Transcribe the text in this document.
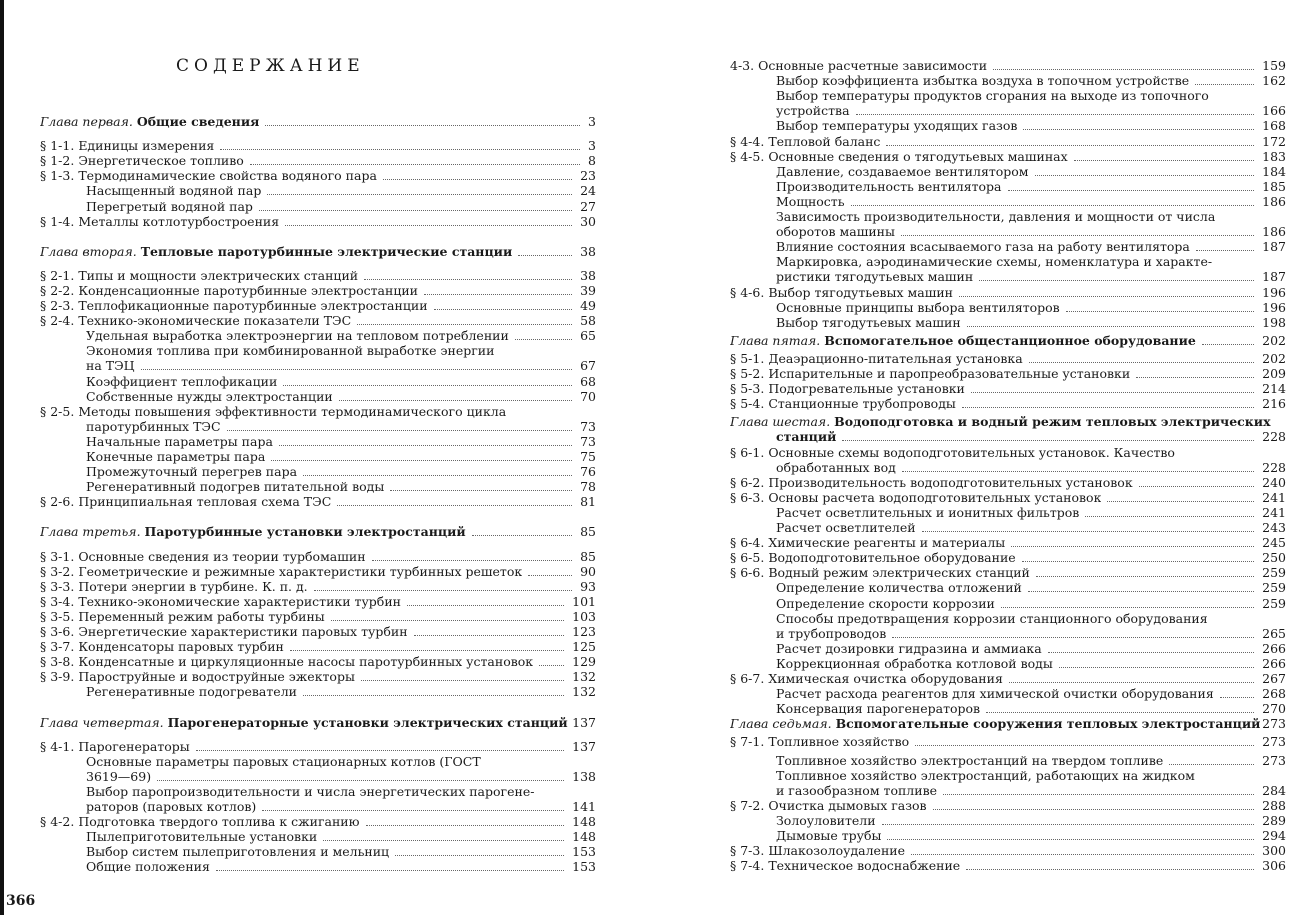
СОДЕРЖАНИЕ
Глава первая. Общие сведения	3
§ 1-1. Единицы измерения	3
§ 1-2. Энергетическое топливо	8
§ 1-3. Термодинамические свойства водяного пара	23
Насыщенный водяной пар	24
Перегретый водяной пар	27
§ 1-4. Металлы котлотурбостроения	30
Глава вторая. Тепловые паротурбинные электрические станции	38
§ 2-1. Типы и мощности электрических станций	38
§ 2-2. Конденсационные паротурбинные электростанции	39
§ 2-3. Теплофикационные паротурбинные электростанции	49
§ 2-4. Технико-экономические показатели ТЭС	58
Удельная выработка электроэнергии на тепловом потреблении	65
Экономия топлива при комбинированной выработке энергии
на ТЭЦ	67
Коэффициент теплофикации	68
Собственные нужды электростанции	70
§ 2-5. Методы повышения эффективности термодинамического цикла
паротурбинных ТЭС	73
Начальные параметры пара	73
Конечные параметры пара	75
Промежуточный перегрев пара	76
Регенеративный подогрев питательной воды	78
§ 2-6. Принципиальная тепловая схема ТЭС	81
Глава третья. Паротурбинные установки электростанций	85
§ 3-1. Основные сведения из теории турбомашин	85
§ 3-2. Геометрические и режимные характеристики турбинных решеток	90
§ 3-3. Потери энергии в турбине. К. п. д.	93
§ 3-4. Технико-экономические характеристики турбин	101
§ 3-5. Переменный режим работы турбины	103
§ 3-6. Энергетические характеристики паровых турбин	123
§ 3-7. Конденсаторы паровых турбин	125
§ 3-8. Конденсатные и циркуляционные насосы паротурбинных установок	129
§ 3-9. Пароструйные и водоструйные эжекторы	132
Регенеративные подогреватели	132
Глава четвертая. Парогенераторные установки электрических станций 137
§ 4-1. Парогенераторы	137
Основные параметры паровых стационарных котлов (ГОСТ
3619—69)	138
Выбор паропроизводительности и числа энергетических парогене-
раторов (паровых котлов)	141
§ 4-2. Подготовка твердого топлива к сжиганию	148
Пылеприготовительные установки	148
Выбор систем пылеприготовления и мельниц	153
Общие положения	153
4-3. Основные расчетные зависимости	159
Выбор коэффициента избытка воздуха в топочном устройстве	162
Выбор температуры продуктов сгорания на выходе из топочного
устройства	166
Выбор температуры уходящих газов	168
§ 4-4. Тепловой баланс	172
§ 4-5. Основные сведения о тягодутьевых машинах	183
Давление, создаваемое вентилятором	184
Производительность вентилятора	185
Мощность	186
Зависимость производительности, давления и мощности от числа
оборотов машины	186
Влияние состояния всасываемого газа на работу вентилятора	187
Маркировка, аэродинамические схемы, номенклатура и характе-
ристики тягодутьевых машин	187
§ 4-6. Выбор тягодутьевых машин	196
Основные принципы выбора вентиляторов	196
Выбор тягодутьевых машин	198
Глава пятая. Вспомогательное общестанционное оборудование	202
§ 5-1. Деаэрационно-питательная установка	202
§ 5-2. Испарительные и паропреобразовательные установки	209
§ 5-3. Подогревательные установки	214
§ 5-4. Станционные трубопроводы	216
Глава шестая. Водоподготовка и водный режим тепловых электрических
станций	228
§ 6-1. Основные схемы водоподготовительных установок. Качество
обработанных вод	228
§ 6-2. Производительность водоподготовительных установок	240
§ 6-3. Основы расчета водоподготовительных установок	241
Расчет осветлительных и ионитных фильтров	241
Расчет осветлителей	243
§ 6-4. Химические реагенты и материалы	245
§ 6-5. Водоподготовительное оборудование	250
§ 6-6. Водный режим электрических станций	259
Определение количества отложений	259
Определение скорости коррозии	259
Способы предотвращения коррозии станционного оборудования
и трубопроводов	265
Расчет дозировки гидразина и аммиака	266
Коррекционная обработка котловой воды	266
§ 6-7. Химическая очистка оборудования	267
Расчет расхода реагентов для химической очистки оборудования	268
Консервация парогенераторов	270
Глава седьмая. Вспомогательные сооружения тепловых электростанций 273
§ 7-1. Топливное хозяйство	273
Топливное хозяйство электростанций на твердом топливе	273
Топливное хозяйство электростанций, работающих на жидком
и газообразном топливе	284
§ 7-2. Очистка дымовых газов	288
Золоуловители	289
Дымовые трубы	294
§ 7-3. Шлакозолоудаление	300
§ 7-4. Техническое водоснабжение	306
366
